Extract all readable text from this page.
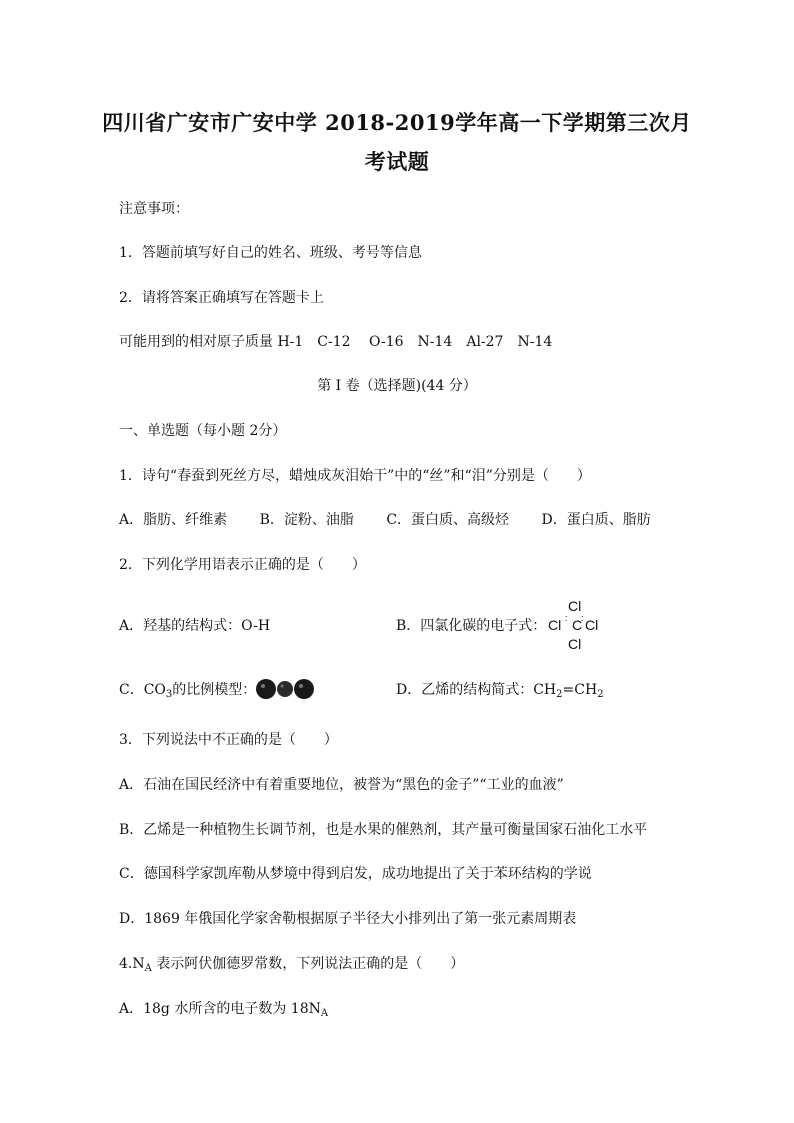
四川省广安市广安中学 2018-2019学年高一下学期第三次月
考试题
注意事项：
1．答题前填写好自己的姓名、班级、考号等信息
2．请将答案正确填写在答题卡上
可能用到的相对原子质量 H-1　C-12　 O-16　N-14　Al-27　N-14
第 I 卷（选择题)(44 分）
一、单选题（每小题 2分）
1．诗句“春蚕到死丝方尽，蜡烛成灰泪始干”中的“丝”和“泪”分别是（　　）
A．脂肪、纤维素 B．淀粉、油脂 C．蛋白质、高级烃 D．蛋白质、脂肪
2．下列化学用语表示正确的是（　　）
A．羟基的结构式：O-H	B．四氯化碳的电子式：
Cl
Cl : C
: Cl
Cl
C．$CO_3$的比例模型：	D．乙烯的结构简式：$CH_2=CH_2$
3．下列说法中不正确的是（　　）
A．石油在国民经济中有着重要地位，被誉为“黑色的金子”“工业的血液”
B．乙烯是一种植物生长调节剂，也是水果的催熟剂，其产量可衡量国家石油化工水平
C．德国科学家凯库勒从梦境中得到启发，成功地提出了关于苯环结构的学说
D．1869 年俄国化学家舍勒根据原子半径大小排列出了第一张元素周期表
$4.N_A$ 表示阿伏伽德罗常数，下列说法正确的是（　　）
A．18g 水所含的电子数为 $18N_A$
